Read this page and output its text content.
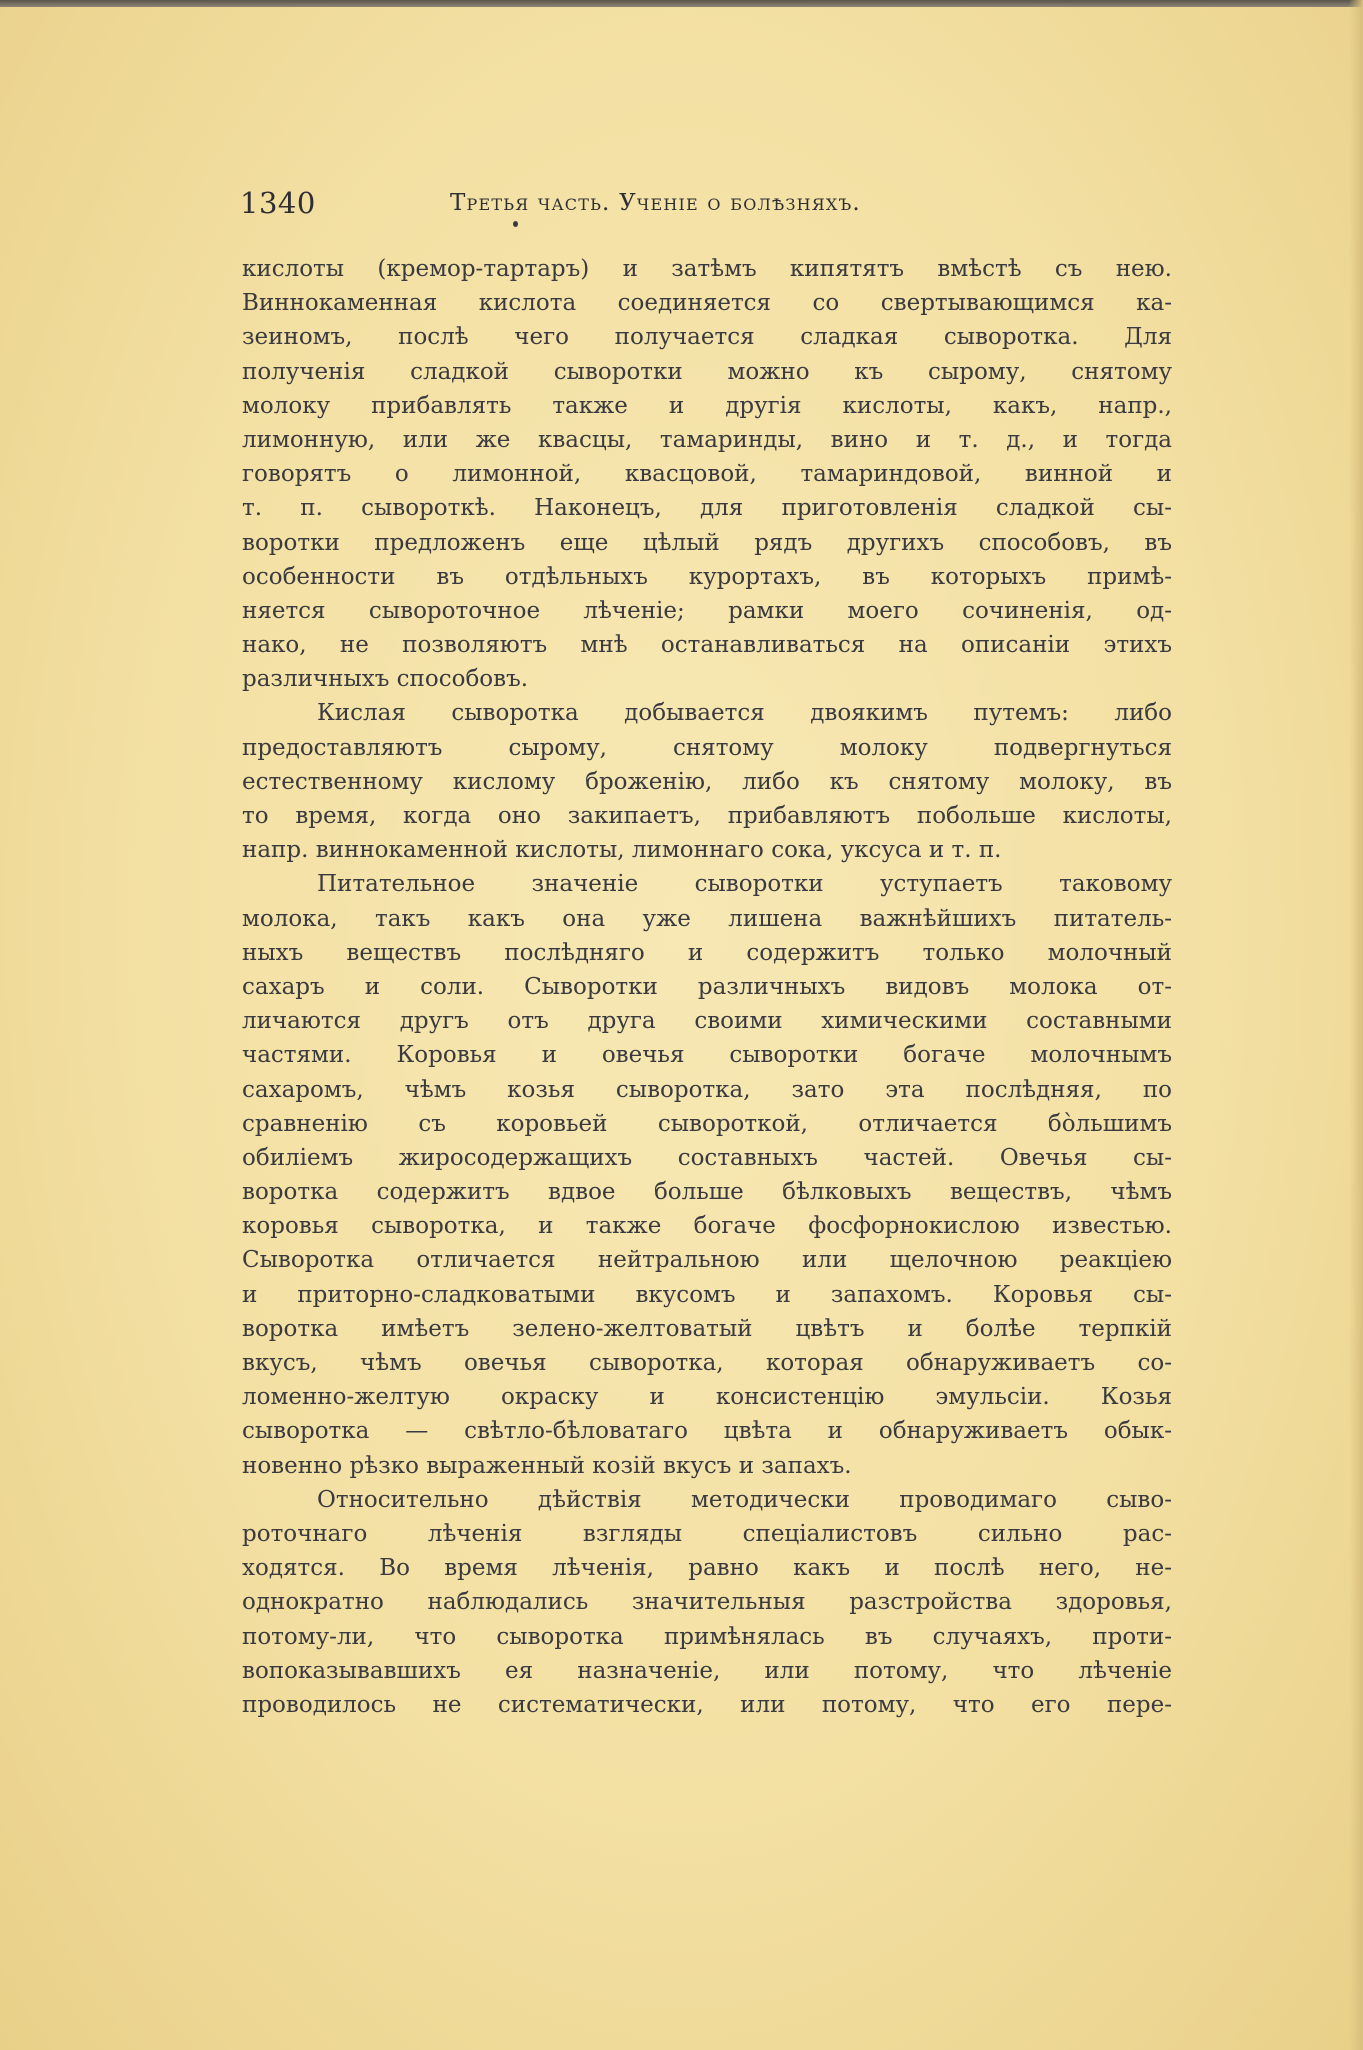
1340	Третья часть. Ученіе о болѣзняхъ.
кислоты (кремор-тартаръ) и затѣмъ кипятятъ вмѣстѣ съ нею.
Виннокаменная кислота соединяется со свертывающимся ка-
зеиномъ, послѣ чего получается сладкая сыворотка. Для
полученія сладкой сыворотки можно къ сырому, снятому
молоку прибавлять также и другія кислоты, какъ, напр.,
лимонную, или же квасцы, тамаринды, вино и т. д., и тогда
говорятъ о лимонной, квасцовой, тамариндовой, винной и
т. п. сывороткѣ. Наконецъ, для приготовленія сладкой сы-
воротки предложенъ еще цѣлый рядъ другихъ способовъ, въ
особенности въ отдѣльныхъ курортахъ, въ которыхъ примѣ-
няется сывороточное лѣченіе; рамки моего сочиненія, од-
нако, не позволяютъ мнѣ останавливаться на описаніи этихъ
различныхъ способовъ.
Кислая сыворотка добывается двоякимъ путемъ: либо
предоставляютъ сырому, снятому молоку подвергнуться
естественному кислому броженію, либо къ снятому молоку, въ
то время, когда оно закипаетъ, прибавляютъ побольше кислоты,
напр. виннокаменной кислоты, лимоннаго сока, уксуса и т. п.
Питательное значеніе сыворотки уступаетъ таковому
молока, такъ какъ она уже лишена важнѣйшихъ питатель-
ныхъ веществъ послѣдняго и содержитъ только молочный
сахаръ и соли. Сыворотки различныхъ видовъ молока от-
личаются другъ отъ друга своими химическими составными
частями. Коровья и овечья сыворотки богаче молочнымъ
сахаромъ, чѣмъ козья сыворотка, зато эта послѣдняя, по
сравненію съ коровьей сывороткой, отличается бо̀льшимъ
обиліемъ жиросодержащихъ составныхъ частей. Овечья сы-
воротка содержитъ вдвое больше бѣлковыхъ веществъ, чѣмъ
коровья сыворотка, и также богаче фосфорнокислою известью.
Сыворотка отличается нейтральною или щелочною реакціею
и приторно-сладковатыми вкусомъ и запахомъ. Коровья сы-
воротка имѣетъ зелено-желтоватый цвѣтъ и болѣе терпкій
вкусъ, чѣмъ овечья сыворотка, которая обнаруживаетъ со-
ломенно-желтую окраску и консистенцію эмульсіи. Козья
сыворотка — свѣтло-бѣловатаго цвѣта и обнаруживаетъ обык-
новенно рѣзко выраженный козій вкусъ и запахъ.
Относительно дѣйствія методически проводимаго сыво-
роточнаго лѣченія взгляды спеціалистовъ сильно рас-
ходятся. Во время лѣченія, равно какъ и послѣ него, не-
однократно наблюдались значительныя разстройства здоровья,
потому-ли, что сыворотка примѣнялась въ случаяхъ, проти-
вопоказывавшихъ ея назначеніе, или потому, что лѣченіе
проводилось не систематически, или потому, что его пере-
